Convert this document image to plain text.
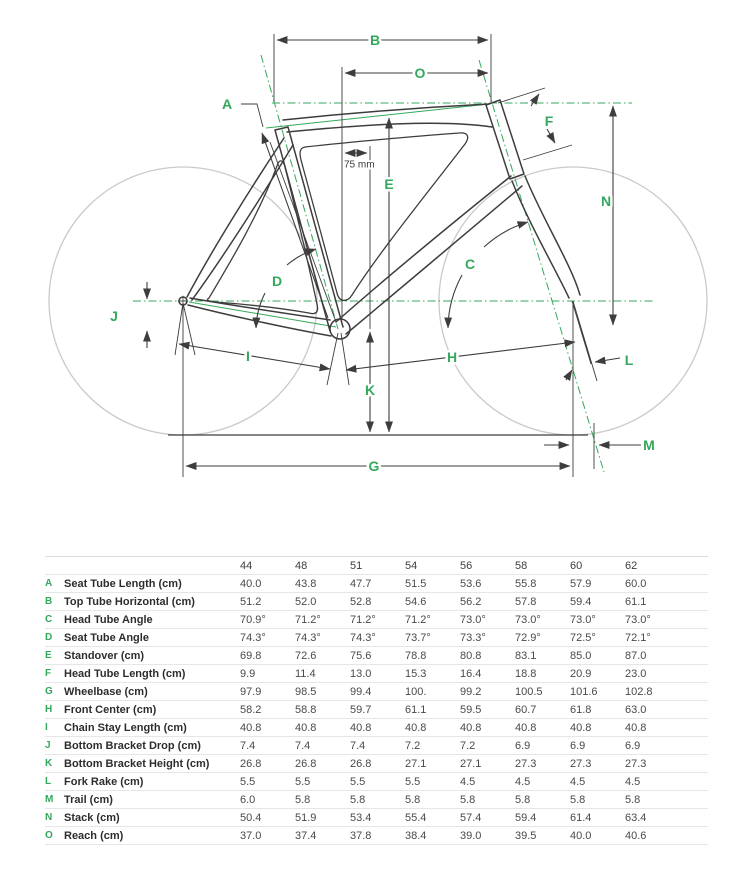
A
B
C
D
E
F
G
H
I
J
K
L
M
N
O
75 mm
		44	48	51	54	56	58	60	62
A	Seat Tube Length (cm)	40.0	43.8	47.7	51.5	53.6	55.8	57.9	60.0
B	Top Tube Horizontal (cm)	51.2	52.0	52.8	54.6	56.2	57.8	59.4	61.1
C	Head Tube Angle	70.9°	71.2°	71.2°	71.2°	73.0°	73.0°	73.0°	73.0°
D	Seat Tube Angle	74.3°	74.3°	74.3°	73.7°	73.3°	72.9°	72.5°	72.1°
E	Standover (cm)	69.8	72.6	75.6	78.8	80.8	83.1	85.0	87.0
F	Head Tube Length (cm)	9.9	11.4	13.0	15.3	16.4	18.8	20.9	23.0
G	Wheelbase (cm)	97.9	98.5	99.4	100.	99.2	100.5	101.6	102.8
H	Front Center (cm)	58.2	58.8	59.7	61.1	59.5	60.7	61.8	63.0
I	Chain Stay Length (cm)	40.8	40.8	40.8	40.8	40.8	40.8	40.8	40.8
J	Bottom Bracket Drop (cm)	7.4	7.4	7.4	7.2	7.2	6.9	6.9	6.9
K	Bottom Bracket Height (cm)	26.8	26.8	26.8	27.1	27.1	27.3	27.3	27.3
L	Fork Rake (cm)	5.5	5.5	5.5	5.5	4.5	4.5	4.5	4.5
M	Trail (cm)	6.0	5.8	5.8	5.8	5.8	5.8	5.8	5.8
N	Stack (cm)	50.4	51.9	53.4	55.4	57.4	59.4	61.4	63.4
O	Reach (cm)	37.0	37.4	37.8	38.4	39.0	39.5	40.0	40.6
